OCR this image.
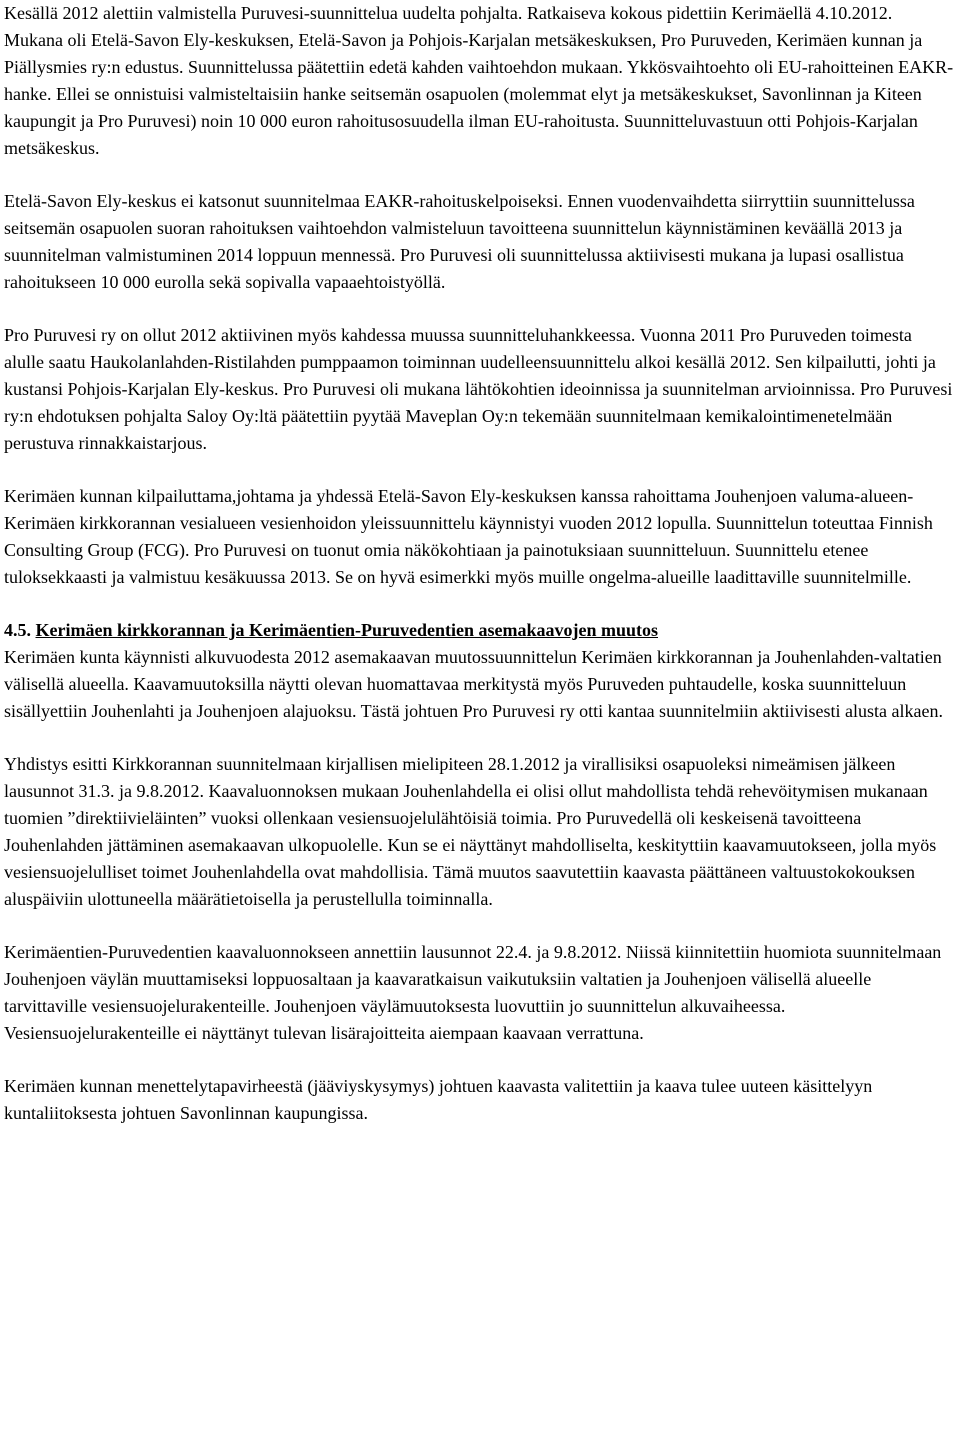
Kesällä 2012 alettiin valmistella Puruvesi-suunnittelua uudelta pohjalta. Ratkaiseva kokous pidettiin Kerimäellä 4.10.2012. Mukana oli Etelä-Savon Ely-keskuksen, Etelä-Savon ja Pohjois-Karjalan metsäkeskuksen, Pro Puruveden, Kerimäen kunnan ja Piällysmies ry:n edustus. Suunnittelussa päätettiin edetä kahden vaihtoehdon mukaan. Ykkösvaihtoehto oli EU-rahoitteinen EAKR-hanke. Ellei se onnistuisi valmisteltaisiin hanke seitsemän osapuolen (molemmat elyt ja metsäkeskukset, Savonlinnan ja Kiteen kaupungit ja Pro Puruvesi) noin 10 000 euron rahoitusosuudella ilman EU-rahoitusta. Suunnitteluvastuun otti Pohjois-Karjalan metsäkeskus.

Etelä-Savon Ely-keskus ei katsonut suunnitelmaa EAKR-rahoituskelpoiseksi. Ennen vuodenvaihdetta siirryttiin suunnittelussa seitsemän osapuolen suoran rahoituksen vaihtoehdon valmisteluun tavoitteena suunnittelun käynnistäminen keväällä 2013 ja suunnitelman valmistuminen 2014 loppuun mennessä. Pro Puruvesi oli suunnittelussa aktiivisesti mukana ja lupasi osallistua rahoitukseen 10 000 eurolla sekä sopivalla vapaaehtoistyöllä.

Pro Puruvesi ry on ollut 2012 aktiivinen myös kahdessa muussa suunnitteluhankkeessa. Vuonna 2011 Pro Puruveden toimesta alulle saatu Haukolanlahden-Ristilahden pumppaamon toiminnan uudelleensuunnittelu alkoi kesällä 2012. Sen kilpailutti, johti ja kustansi Pohjois-Karjalan Ely-keskus. Pro Puruvesi oli mukana lähtökohtien ideoinnissa ja suunnitelman arvioinnissa. Pro Puruvesi ry:n ehdotuksen pohjalta Saloy Oy:ltä päätettiin pyytää Maveplan Oy:n tekemään suunnitelmaan kemikalointimenetelmään perustuva rinnakkaistarjous.

Kerimäen kunnan kilpailuttama,johtama ja yhdessä Etelä-Savon Ely-keskuksen kanssa rahoittama Jouhenjoen valuma-alueen-Kerimäen kirkkorannan vesialueen vesienhoidon yleissuunnittelu käynnistyi vuoden 2012 lopulla. Suunnittelun toteuttaa Finnish Consulting Group (FCG). Pro Puruvesi on tuonut omia näkökohtiaan ja painotuksiaan suunnitteluun. Suunnittelu etenee tuloksekkaasti ja valmistuu kesäkuussa 2013. Se on hyvä esimerkki myös muille ongelma-alueille laadittaville suunnitelmille.

4.5. Kerimäen kirkkorannan ja Kerimäentien-Puruvedentien asemakaavojen muutos

Kerimäen kunta käynnisti alkuvuodesta 2012 asemakaavan muutossuunnittelun Kerimäen kirkkorannan ja Jouhenlahden-valtatien välisellä alueella. Kaavamuutoksilla näytti olevan huomattavaa merkitystä myös Puruveden puhtaudelle, koska suunnitteluun sisällyettiin Jouhenlahti ja Jouhenjoen alajuoksu. Tästä johtuen Pro Puruvesi ry otti kantaa suunnitelmiin aktiivisesti alusta alkaen.

Yhdistys esitti Kirkkorannan suunnitelmaan kirjallisen mielipiteen 28.1.2012 ja virallisiksi osapuoleksi nimeämisen jälkeen lausunnot 31.3. ja 9.8.2012. Kaavaluonnoksen mukaan Jouhenlahdella ei olisi ollut mahdollista tehdä rehevöitymisen mukanaan tuomien ”direktiivieläinten” vuoksi ollenkaan vesiensuojelulähtöisiä toimia. Pro Puruvedellä oli keskeisenä tavoitteena Jouhenlahden jättäminen asemakaavan ulkopuolelle. Kun se ei näyttänyt mahdolliselta, keskityttiin kaavamuutokseen, jolla myös vesiensuojelulliset toimet Jouhenlahdella ovat mahdollisia. Tämä muutos saavutettiin kaavasta päättäneen valtuustokokouksen aluspäiviin ulottuneella määrätietoisella ja perustellulla toiminnalla.

Kerimäentien-Puruvedentien kaavaluonnokseen annettiin lausunnot 22.4. ja 9.8.2012. Niissä kiinnitettiin huomiota suunnitelmaan Jouhenjoen väylän muuttamiseksi loppuosaltaan ja kaavaratkaisun vaikutuksiin valtatien ja Jouhenjoen välisellä alueelle tarvittaville vesiensuojelurakenteille. Jouhenjoen väylämuutoksesta luovuttiin jo suunnittelun alkuvaiheessa. Vesiensuojelurakenteille ei näyttänyt tulevan lisärajoitteita aiempaan kaavaan verrattuna.

Kerimäen kunnan menettelytapavirheestä (jääviyskysymys) johtuen kaavasta valitettiin ja kaava tulee uuteen käsittelyyn kuntaliitoksesta johtuen Savonlinnan kaupungissa.
